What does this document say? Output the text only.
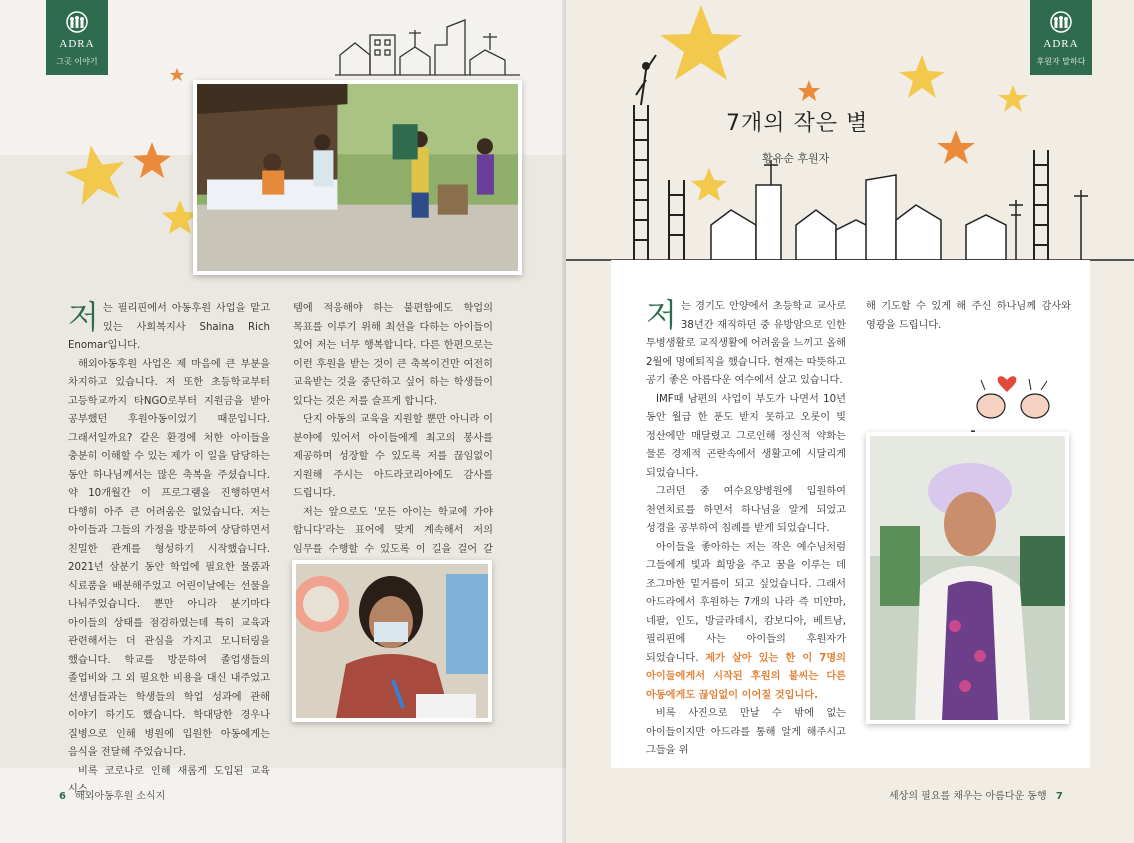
ADRA
그곳 이야기

저는 필리핀에서 아동후원 사업을 맡고 있는 사회복지사 Shaina Rich Enomar입니다.

해외아동후원 사업은 제 마음에 큰 부분을 차지하고 있습니다. 저 또한 초등학교부터 고등학교까지 타NGO로부터 지원금을 받아 공부했던 후원아동이었기 때문입니다. 그래서일까요? 같은 환경에 처한 아이들을 충분히 이해할 수 있는 제가 이 일을 담당하는 동안 하나님께서는 많은 축복을 주셨습니다. 약 10개월간 이 프로그램을 진행하면서 다행히 아주 큰 어려움은 없었습니다. 저는 아이들과 그들의 가정을 방문하여 상담하면서 친밀한 관계를 형성하기 시작했습니다. 2021년 삼분기 동안 학업에 필요한 물품과 식료품을 배분해주었고 어린이날에는 선물을 나눠주었습니다. 뿐만 아니라 분기마다 아이들의 상태를 점검하였는데 특히 교육과 관련해서는 더 관심을 가지고 모니터링을 했습니다. 학교를 방문하여 졸업생들의 졸업비와 그 외 필요한 비용을 대신 내주었고 선생님들과는 학생들의 학업 성과에 관해 이야기 하기도 했습니다. 학대당한 경우나 질병으로 인해 병원에 입원한 아동에게는 음식을 전달해 주었습니다.

비록 코로나로 인해 새롭게 도입된 교육 시스

템에 적응해야 하는 불편함에도 학업의 목표를 이루기 위해 최선을 다하는 아이들이 있어 저는 너무 행복합니다. 다른 한편으로는 이런 후원을 받는 것이 큰 축복이건만 여전히 교육받는 것을 중단하고 싶어 하는 학생들이 있다는 것은 저를 슬프게 합니다.

단지 아동의 교육을 지원할 뿐만 아니라 이 분야에 있어서 아이들에게 최고의 봉사를 제공하며 성장할 수 있도록 저를 끊임없이 지원해 주시는 아드라코리아에도 감사를 드립니다.

저는 앞으로도 '모든 아이는 학교에 가야 합니다'라는 표어에 맞게 계속해서 저의 임무를 수행할 수 있도록 이 길을 걸어 갈

6 해외아동후원 소식지
ADRA
후원자 말하다
7개의 작은 별
황유순 후원자

저는 경기도 안양에서 초등학교 교사로 38년간 재직하던 중 유방암으로 인한 투병생활로 교직생활에 어려움을 느끼고 올해 2월에 명예퇴직을 했습니다. 현재는 따뜻하고 공기 좋은 아름다운 여수에서 살고 있습니다.

IMF때 남편의 사업이 부도가 나면서 10년 동안 월급 한 푼도 받지 못하고 오롯이 빚 정산에만 매달렸고 그로인해 정신적 약화는 물론 경제적 곤란속에서 생활고에 시달리게 되었습니다.

그러던 중 여수요양병원에 입원하여 천연치료를 하면서 하나님을 알게 되었고 성경을 공부하여 침례를 받게 되었습니다.

아이들을 좋아하는 저는 작은 예수님처럼 그들에게 빛과 희망을 주고 꿈을 이루는 데 조그마한 밑거름이 되고 싶었습니다. 그래서 아드라에서 후원하는 7개의 나라 즉 미얀마, 네팔, 인도, 방글라데시, 캄보디아, 베트남, 필리핀에 사는 아이들의 후원자가 되었습니다. 제가 살아 있는 한 이 7명의 아이들에게서 시작된 후원의 불씨는 다른 아동에게도 끊임없이 이어질 것입니다.

비록 사진으로 만날 수 밖에 없는 아이들이지만 아드라를 통해 알게 해주시고 그들을 위

해 기도할 수 있게 해 주신 하나님께 감사와 영광을 드립니다.

세상의 필요를 채우는 아름다운 동행 7
